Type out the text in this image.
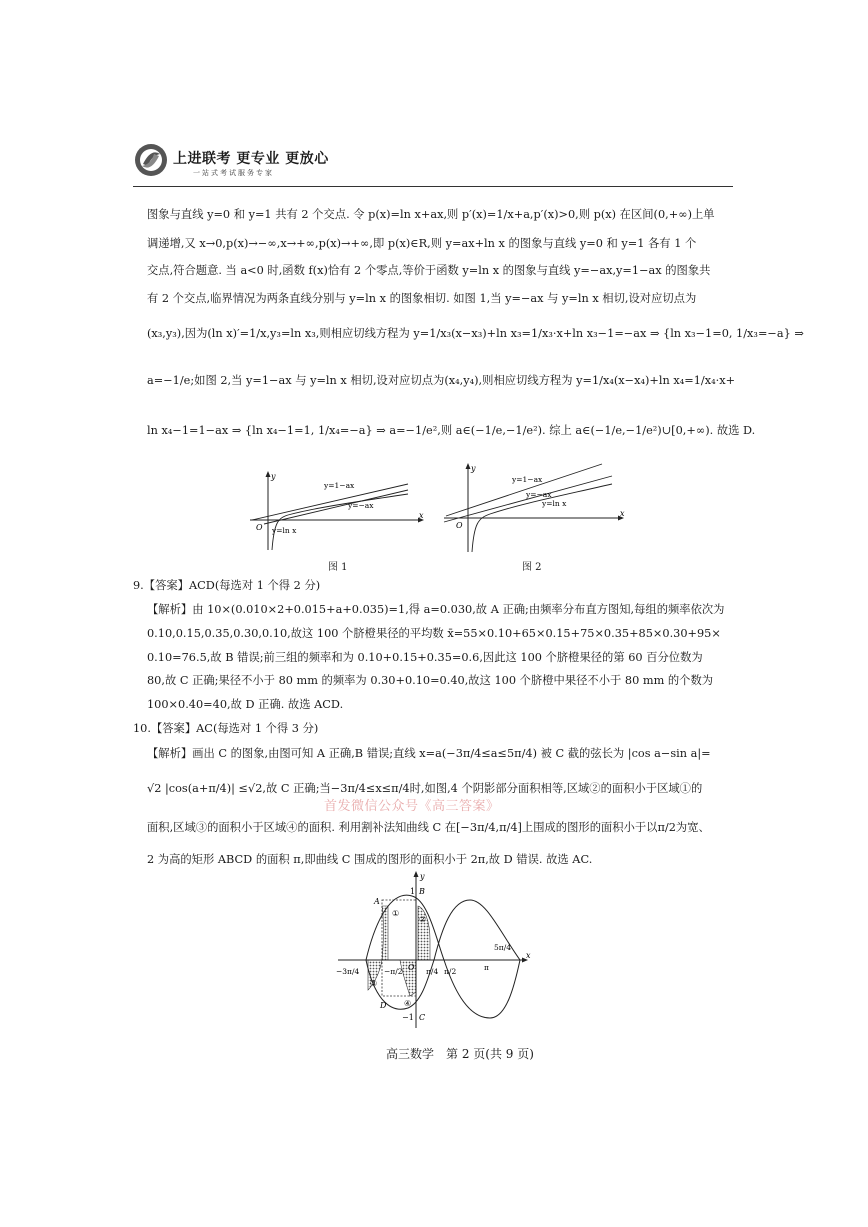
上进联考 更专业 更放心
一站式考试服务专家
图象与直线 y=0 和 y=1 共有 2 个交点. 令 p(x)=ln x+ax,则 p′(x)=1/x+a,p′(x)>0,则 p(x) 在区间(0,+∞)上单
调递增,又 x→0,p(x)→−∞,x→+∞,p(x)→+∞,即 p(x)∈R,则 y=ax+ln x 的图象与直线 y=0 和 y=1 各有 1 个
交点,符合题意. 当 a<0 时,函数 f(x)恰有 2 个零点,等价于函数 y=ln x 的图象与直线 y=−ax,y=1−ax 的图象共
有 2 个交点,临界情况为两条直线分别与 y=ln x 的图象相切. 如图 1,当 y=−ax 与 y=ln x 相切,设对应切点为
(x₃,y₃),因为(ln x)′=1/x,y₃=ln x₃,则相应切线方程为 y=1/x₃(x−x₃)+ln x₃=1/x₃·x+ln x₃−1=−ax ⇒ {ln x₃−1=0, 1/x₃=−a} ⇒
a=−1/e;如图 2,当 y=1−ax 与 y=ln x 相切,设对应切点为(x₄,y₄),则相应切线方程为 y=1/x₄(x−x₄)+ln x₄=1/x₄·x+
ln x₄−1=1−ax ⇒ {ln x₄−1=1, 1/x₄=−a} ⇒ a=−1/e²,则 a∈(−1/e,−1/e²). 综上 a∈(−1/e,−1/e²)∪[0,+∞). 故选 D.
y
x
O
y=1−ax
y=−ax
y=ln x
图 1
y
x
O
y=1−ax
y=−ax
y=ln x
图 2
9.【答案】ACD(每选对 1 个得 2 分)
【解析】由 10×(0.010×2+0.015+a+0.035)=1,得 a=0.030,故 A 正确;由频率分布直方图知,每组的频率依次为
0.10,0.15,0.35,0.30,0.10,故这 100 个脐橙果径的平均数 x̄=55×0.10+65×0.15+75×0.35+85×0.30+95×
0.10=76.5,故 B 错误;前三组的频率和为 0.10+0.15+0.35=0.6,因此这 100 个脐橙果径的第 60 百分位数为
80,故 C 正确;果径不小于 80 mm 的频率为 0.30+0.10=0.40,故这 100 个脐橙中果径不小于 80 mm 的个数为
100×0.40=40,故 D 正确. 故选 ACD.
10.【答案】AC(每选对 1 个得 3 分)
【解析】画出 C 的图象,由图可知 A 正确,B 错误;直线 x=a(−3π/4≤a≤5π/4) 被 C 截的弦长为 |cos a−sin a|=
√2 |cos(a+π/4)| ≤√2,故 C 正确;当−3π/4≤x≤π/4时,如图,4 个阴影部分面积相等,区域②的面积小于区域①的
首发微信公众号《高三答案》
面积,区域③的面积小于区域④的面积. 利用割补法知曲线 C 在[−3π/4,π/4]上围成的图形的面积小于以π/2为宽、
2 为高的矩形 ABCD 的面积 π,即曲线 C 围成的图形的面积小于 2π,故 D 错误. 故选 AC.
y
x
A
B
C
D
O
1
−1
①
②
③
④
−3π/4	−π/2	π/4 π/2	π
5π/4
高三数学　第 2 页(共 9 页)
